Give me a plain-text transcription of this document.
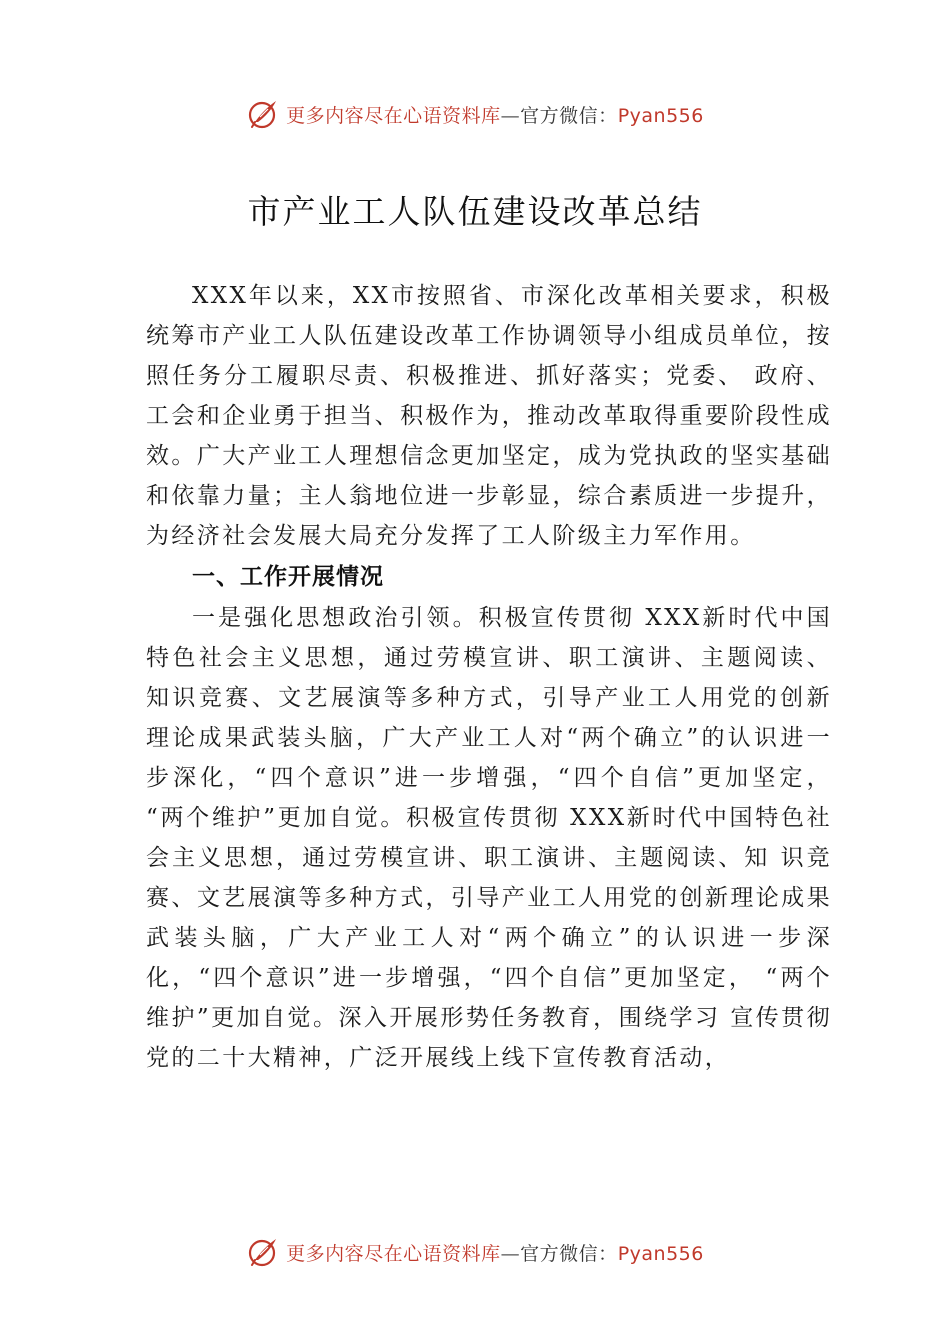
更多内容尽在心语资料库—官方微信：Pyan556
市产业工人队伍建设改革总结

XXX年以来，XX市按照省、市深化改革相关要求，积极统筹市产业工人队伍建设改革工作协调领导小组成员单位，按照任务分工履职尽责、积极推进、抓好落实；党委、 政府、工会和企业勇于担当、积极作为，推动改革取得重要阶段性成效。广大产业工人理想信念更加坚定，成为党执政的坚实基础和依靠力量；主人翁地位进一步彰显，综合素质进一步提升，为经济社会发展大局充分发挥了工人阶级主力军作用。

一、工作开展情况

一是强化思想政治引领。积极宣传贯彻 XXX新时代中国特色社会主义思想，通过劳模宣讲、职工演讲、主题阅读、 知识竞赛、文艺展演等多种方式，引导产业工人用党的创新 理论成果武装头脑，广大产业工人对“两个确立”的认识进一步深化，“四个意识”进一步增强，“四个自信”更加坚定， “两个维护”更加自觉。积极宣传贯彻 XXX新时代中国特色社会主义思想，通过劳模宣讲、职工演讲、主题阅读、知 识竞赛、文艺展演等多种方式，引导产业工人用党的创新理论成果武装头脑，广大产业工人对“两个确立”的认识进一步深化，“四个意识”进一步增强，“四个自信”更加坚定， “两个维护”更加自觉。深入开展形势任务教育，围绕学习 宣传贯彻党的二十大精神，广泛开展线上线下宣传教育活动，

更多内容尽在心语资料库—官方微信：Pyan556
